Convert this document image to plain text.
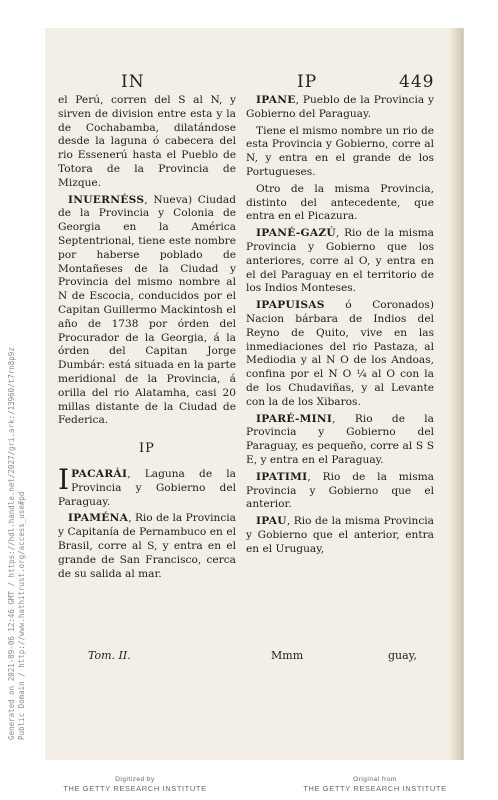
IN	IP	449

el Perú, corren del S al N, y sirven de division entre esta y la de Cochabamba, dilatándose desde la laguna ó cabecera del rio Essenerú hasta el Pueblo de Totora de la Provincia de Mizque.

INUERNÉSS, Nueva) Ciudad de la Provincia y Colonia de Georgia en la América Septentrional, tiene este nombre por haberse poblado de Montañeses de la Ciudad y Provincia del mismo nombre al N de Escocia, conducidos por el Capitan Guillermo Mackintosh el año de 1738 por órden del Procurador de la Georgia, á la órden del Capitan Jorge Dumbár: está situada en la parte meridional de la Provincia, á orilla del rio Alatamha, casi 20 millas distante de la Ciudad de Federica.

IP

IPACARÁI, Laguna de la Provincia y Gobierno del Paraguay.

IPAMÉNA, Rio de la Provincia y Capitanía de Pernambuco en el Brasil, corre al S, y entra en el grande de San Francisco, cerca de su salida al mar.

IPANE, Pueblo de la Provincia y Gobierno del Paraguay.

Tiene el mismo nombre un rio de esta Provincia y Gobierno, corre al N, y entra en el grande de los Portugueses.

Otro de la misma Provincia, distinto del antecedente, que entra en el Picazura.

IPANÉ-GAZÚ, Rio de la misma Provincia y Gobierno que los anteriores, corre al O, y entra en el del Paraguay en el territorio de los Indios Monteses.

IPAPUISAS ó Coronados) Nacion bárbara de Indios del Reyno de Quito, vive en las inmediaciones del rio Pastaza, al Mediodia y al N O de los Andoas, confina por el N O ¼ al O con la de los Chudaviñas, y al Levante con la de los Xibaros.

IPARÉ-MINI, Rio de la Provincia y Gobierno del Paraguay, es pequeño, corre al S S E, y entra en el Paraguay.

IPATIMI, Rio de la misma Provincia y Gobierno que el anterior.

IPAU, Rio de la misma Provincia y Gobierno que el anterior, entra en el Uruguay,

Tom. II.	Mmm	guay,
Generated on 2021-09-06 12:46 GMT / https://hdl.handle.net/2027/gri.ark:/13960/t7rn8p9z Public Domain / http://www.hathitrust.org/access_use#pd
Digitized by
THE GETTY RESEARCH INSTITUTE
Original from
THE GETTY RESEARCH INSTITUTE
